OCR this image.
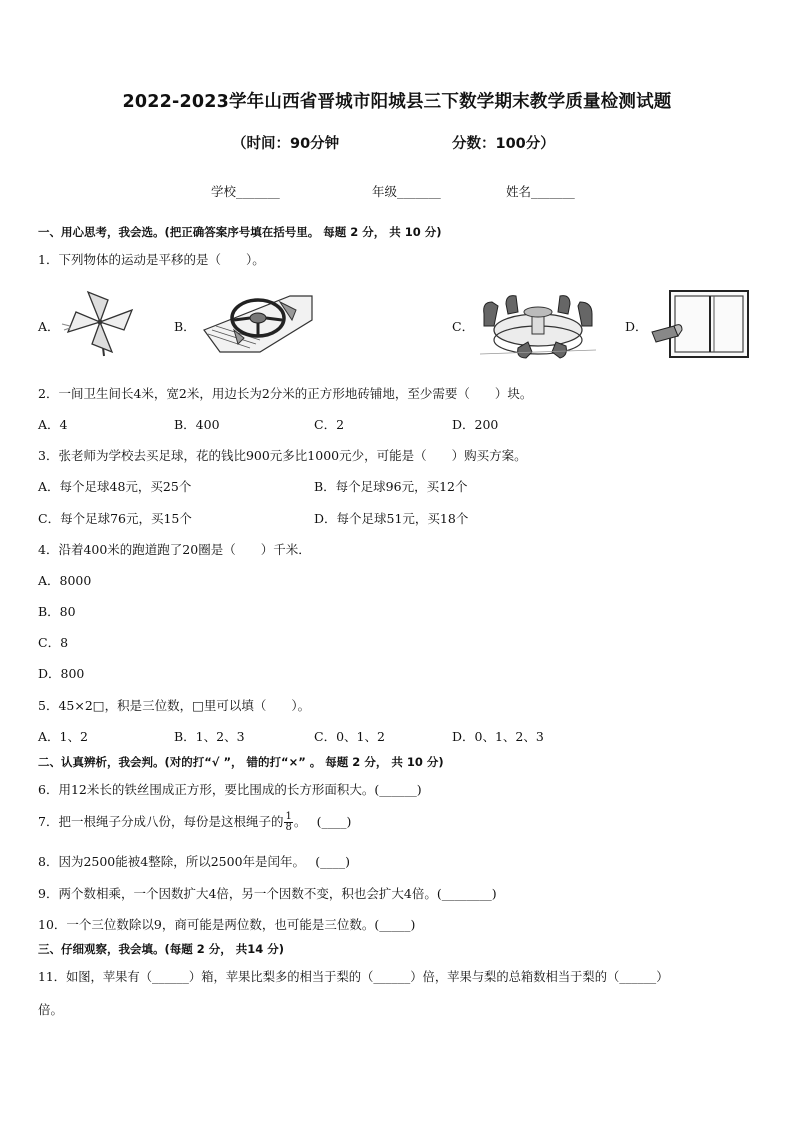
2022-2023学年山西省晋城市阳城县三下数学期末教学质量检测试题
（时间：90分钟	分数：100分）
学校_______	年级_______	姓名_______
一、用心思考，我会选。(把正确答案序号填在括号里。 每题 2 分， 共 10 分)
1．下列物体的运动是平移的是（　　）。
A．	B．	C．	D．
2．一间卫生间长4米，宽2米，用边长为2分米的正方形地砖铺地，至少需要（　　）块。
A．4	B．400	C．2	D．200
3．张老师为学校去买足球，花的钱比900元多比1000元少，可能是（　　）购买方案。
A．每个足球48元，买25个	B．每个足球96元，买12个
C．每个足球76元，买15个	D．每个足球51元，买18个
4．沿着400米的跑道跑了20圈是（　　）千米．
A．8000
B．80
C．8
D．800
5．45×2□，积是三位数，□里可以填（　　）。
A．1、2	B．1、2、3	C．0、1、2	D．0、1、2、3
二、认真辨析，我会判。(对的打“√ ”， 错的打“×” 。 每题 2 分， 共 10 分)
6．用12米长的铁丝围成正方形，要比围成的长方形面积大。(______)
7．把一根绳子分成八份，每份是这根绳子的 $\frac{1}{8}$ 。　 (____)
8．因为2500能被4整除，所以2500年是闰年。　 (____)
9．两个数相乘，一个因数扩大4倍，另一个因数不变，积也会扩大4倍。(________)
10．一个三位数除以9，商可能是两位数，也可能是三位数。(_____)
三、仔细观察，我会填。(每题 2 分， 共14 分)
11．如图，苹果有（______）箱，苹果比梨多的相当于梨的（______）倍，苹果与梨的总箱数相当于梨的（______）
倍。
